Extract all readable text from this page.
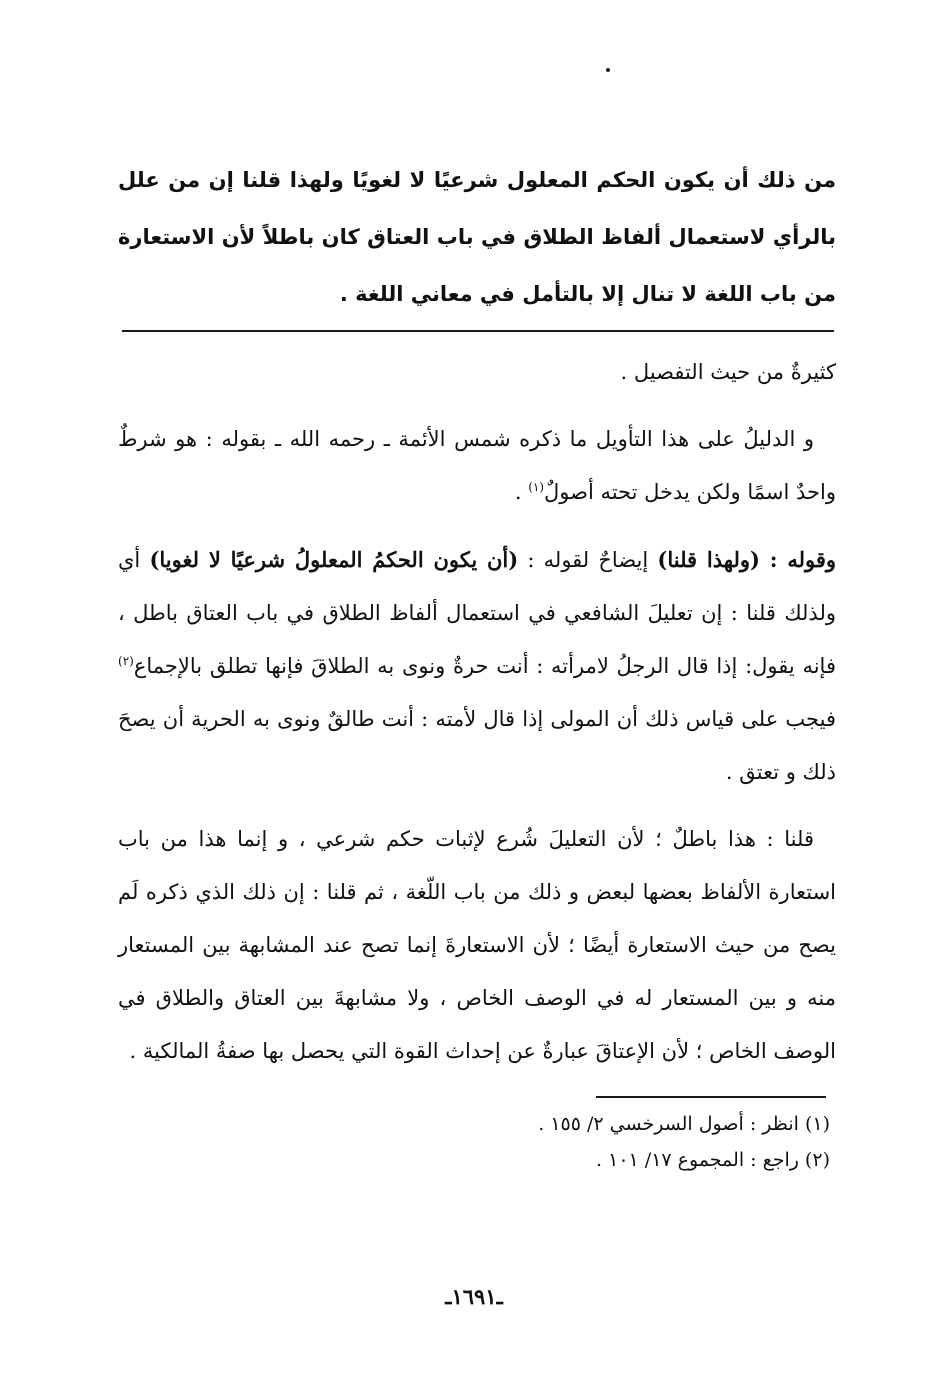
من ذلك أن يكون الحكم المعلول شرعيًا لا لغويًا ولهذا قلنا إن من علل بالرأي لاستعمال ألفاظ الطلاق في باب العتاق كان باطلاً لأن الاستعارة من باب اللغة لا تنال إلا بالتأمل في معاني اللغة .

كثيرةٌ من حيث التفصيل .

و الدليلُ على هذا التأويل ما ذكره شمس الأئمة ـ رحمه الله ـ بقوله : هو شرطٌ واحدٌ اسمًا ولكن يدخل تحته أصولٌ$^{(١)}$ .

وقوله : (ولهذا قلنا) إيضاحٌ لقوله : (أن يكون الحكمُ المعلولُ شرعيًا لا لغويا) أي ولذلك قلنا : إن تعليلَ الشافعي في استعمال ألفاظ الطلاق في باب العتاق باطل ، فإنه يقول: إذا قال الرجلُ لامرأته : أنت حرةٌ ونوى به الطلاقَ فإنها تطلق بالإجماع$^{(٢)}$ فيجب على قياس ذلك أن المولى إذا قال لأمته : أنت طالقٌ ونوى به الحرية أن يصحَ ذلك و تعتق .

قلنا : هذا باطلٌ ؛ لأن التعليلَ شُرع لإثبات حكم شرعي ، و إنما هذا من باب استعارة الألفاظ بعضها لبعض و ذلك من باب اللّغة ، ثم قلنا : إن ذلك الذي ذكره لَم يصح من حيث الاستعارة أيضًا ؛ لأن الاستعارةَ إنما تصح عند المشابهة بين المستعار منه و بين المستعار له في الوصف الخاص ، ولا مشابهةَ بين العتاق والطلاق في الوصف الخاص ؛ لأن الإعتاقَ عبارةٌ عن إحداث القوة التي يحصل بها صفةُ المالكية .

(١) انظر : أصول السرخسي ٢/ ١٥٥ .
(٢) راجع : المجموع ١٧/ ١٠١ .
ـ١٦٩١ـ
